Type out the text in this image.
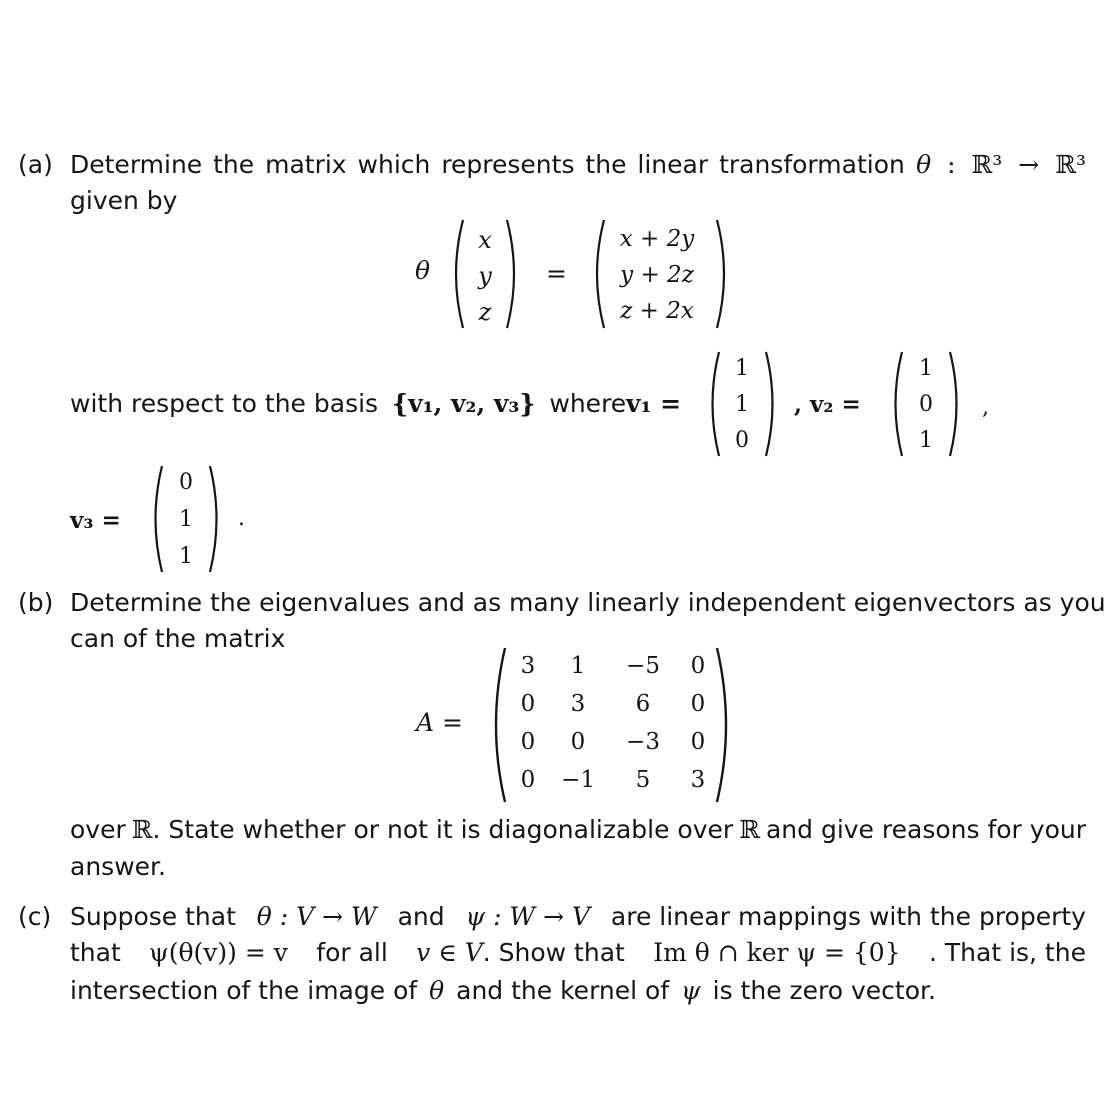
(a) Determine the matrix which represents the linear transformation θ : ℝ³ → ℝ³
given by
θ
x
y
z
=
x + 2y
y + 2z
z + 2x
with respect to the basis {v₁, v₂, v₃} where v₁ =
1
1
0
, v₂ =
1
0
1
,
v₃ =
0
1
1
.
(b) Determine the eigenvalues and as many linearly independent eigenvectors as you
can of the matrix
A =
3	1	−5	0
0	3	6	0
0	0	−3	0
0	−1	5	3
over ℝ. State whether or not it is diagonalizable over ℝ and give reasons for your
answer.
(c) Suppose that θ : V → W and ψ : W → V are linear mappings with the property
that ψ(θ(v)) = v for all v ∈ V. Show that Im θ ∩ ker ψ = {0} . That is, the
intersection of the image of θ and the kernel of ψ is the zero vector.
